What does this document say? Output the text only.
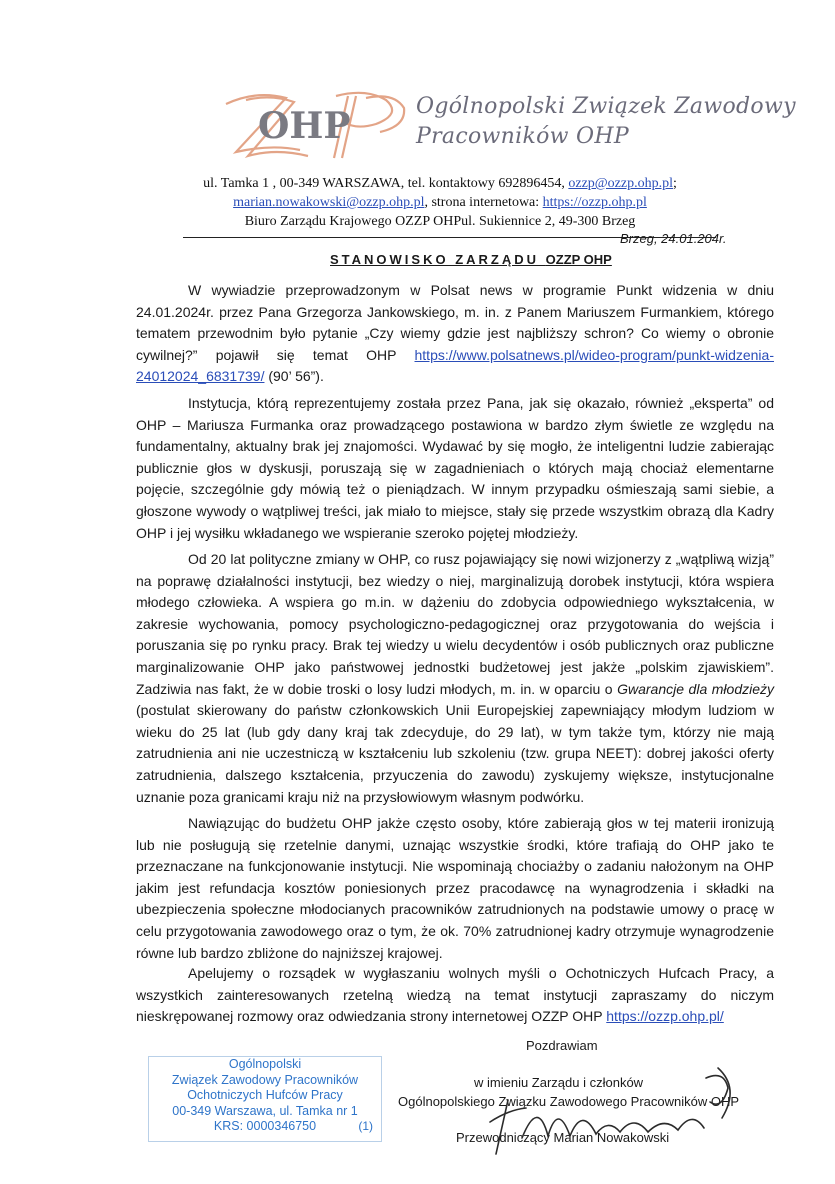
OHP	Ogólnopolski Związek Zawodowy
Pracowników OHP
ul. Tamka 1 , 00-349 WARSZAWA, tel. kontaktowy 692896454, ozzp@ozzp.ohp.pl;
marian.nowakowski@ozzp.ohp.pl, strona internetowa: https://ozzp.ohp.pl
Biuro Zarządu Krajowego OZZP OHPul. Sukiennice 2, 49-300 Brzeg
Brzeg, 24.01.204r.
STANOWISKO ZARZĄDU OZZP OHP
W wywiadzie przeprowadzonym w Polsat news w programie Punkt widzenia w dniu 24.01.2024r. przez Pana Grzegorza Jankowskiego, m. in. z Panem Mariuszem Furmankiem, którego tematem przewodnim było pytanie „Czy wiemy gdzie jest najbliższy schron? Co wiemy o obronie cywilnej?” pojawił się temat OHP https://www.polsatnews.pl/wideo-program/punkt-widzenia-24012024_6831739/ (90’ 56”).
Instytucja, którą reprezentujemy została przez Pana, jak się okazało, również „eksperta” od OHP – Mariusza Furmanka oraz prowadzącego postawiona w bardzo złym świetle ze względu na fundamentalny, aktualny brak jej znajomości. Wydawać by się mogło, że inteligentni ludzie zabierając publicznie głos w dyskusji, poruszają się w zagadnieniach o których mają chociaż elementarne pojęcie, szczególnie gdy mówią też o pieniądzach. W innym przypadku ośmieszają sami siebie, a głoszone wywody o wątpliwej treści, jak miało to miejsce, stały się przede wszystkim obrazą dla Kadry OHP i jej wysiłku wkładanego we wspieranie szeroko pojętej młodzieży.
Od 20 lat polityczne zmiany w OHP, co rusz pojawiający się nowi wizjonerzy z „wątpliwą wizją” na poprawę działalności instytucji, bez wiedzy o niej, marginalizują dorobek instytucji, która wspiera młodego człowieka. A wspiera go m.in. w dążeniu do zdobycia odpowiedniego wykształcenia, w zakresie wychowania, pomocy psychologiczno-pedagogicznej oraz przygotowania do wejścia i poruszania się po rynku pracy. Brak tej wiedzy u wielu decydentów i osób publicznych oraz publiczne marginalizowanie OHP jako państwowej jednostki budżetowej jest jakże „polskim zjawiskiem”. Zadziwia nas fakt, że w dobie troski o losy ludzi młodych, m. in. w oparciu o Gwarancje dla młodzieży (postulat skierowany do państw członkowskich Unii Europejskiej zapewniający młodym ludziom w wieku do 25 lat (lub gdy dany kraj tak zdecyduje, do 29 lat), w tym także tym, którzy nie mają zatrudnienia ani nie uczestniczą w kształceniu lub szkoleniu (tzw. grupa NEET): dobrej jakości oferty zatrudnienia, dalszego kształcenia, przyuczenia do zawodu) zyskujemy większe, instytucjonalne uznanie poza granicami kraju niż na przysłowiowym własnym podwórku.
Nawiązując do budżetu OHP jakże często osoby, które zabierają głos w tej materii ironizują lub nie posługują się rzetelnie danymi, uznając wszystkie środki, które trafiają do OHP jako te przeznaczane na funkcjonowanie instytucji. Nie wspominają chociażby o zadaniu nałożonym na OHP jakim jest refundacja kosztów poniesionych przez pracodawcę na wynagrodzenia i składki na ubezpieczenia społeczne młodocianych pracowników zatrudnionych na podstawie umowy o pracę w celu przygotowania zawodowego oraz o tym, że ok. 70% zatrudnionej kadry otrzymuje wynagrodzenie równe lub bardzo zbliżone do najniższej krajowej.
Apelujemy o rozsądek w wygłaszaniu wolnych myśli o Ochotniczych Hufcach Pracy, a wszystkich zainteresowanych rzetelną wiedzą na temat instytucji zapraszamy do niczym nieskrępowanej rozmowy oraz odwiedzania strony internetowej OZZP OHP https://ozzp.ohp.pl/
Pozdrawiam
w imieniu Zarządu i członków
Ogólnopolskiego Związku Zawodowego Pracowników OHP
Przewodniczący Marian Nowakowski
Ogólnopolski
Związek Zawodowy Pracowników
Ochotniczych Hufców Pracy
00-349 Warszawa, ul. Tamka nr 1
KRS: 0000346750	(1)
